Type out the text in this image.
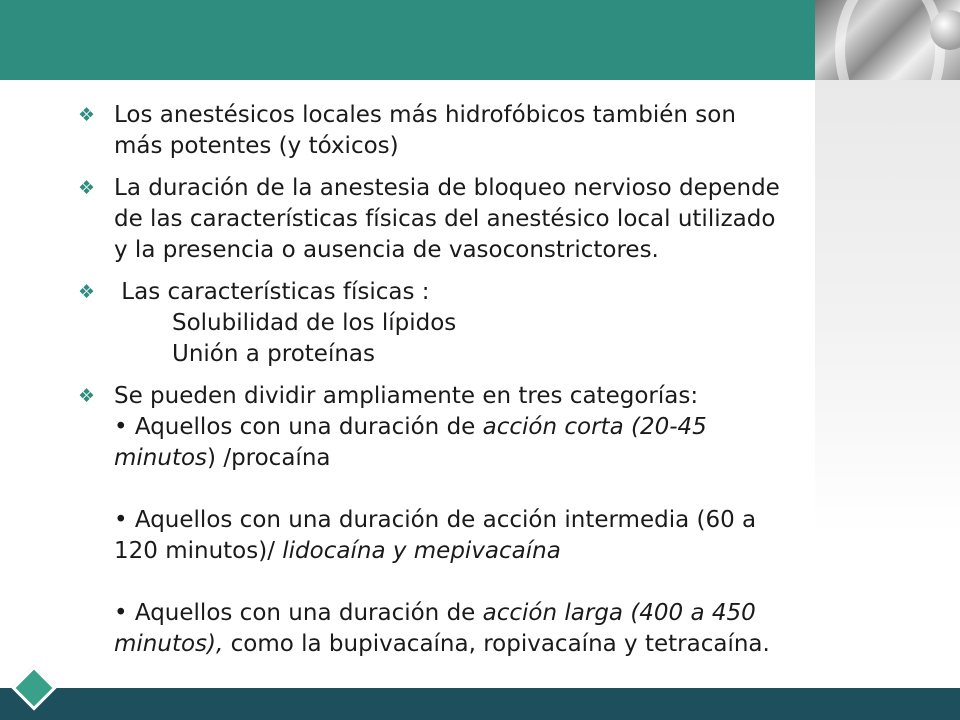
❖ Los anestésicos locales más hidrofóbicos también son
más potentes (y tóxicos)
❖ La duración de la anestesia de bloqueo nervioso depende
de las características físicas del anestésico local utilizado
y la presencia o ausencia de vasoconstrictores.
❖ Las características físicas :
Solubilidad de los lípidos
Unión a proteínas
❖ Se pueden dividir ampliamente en tres categorías:
• Aquellos con una duración de acción corta (20-45
minutos) /procaína
• Aquellos con una duración de acción intermedia (60 a
120 minutos)/ lidocaína y mepivacaína
• Aquellos con una duración de acción larga (400 a 450
minutos), como la bupivacaína, ropivacaína y tetracaína.
